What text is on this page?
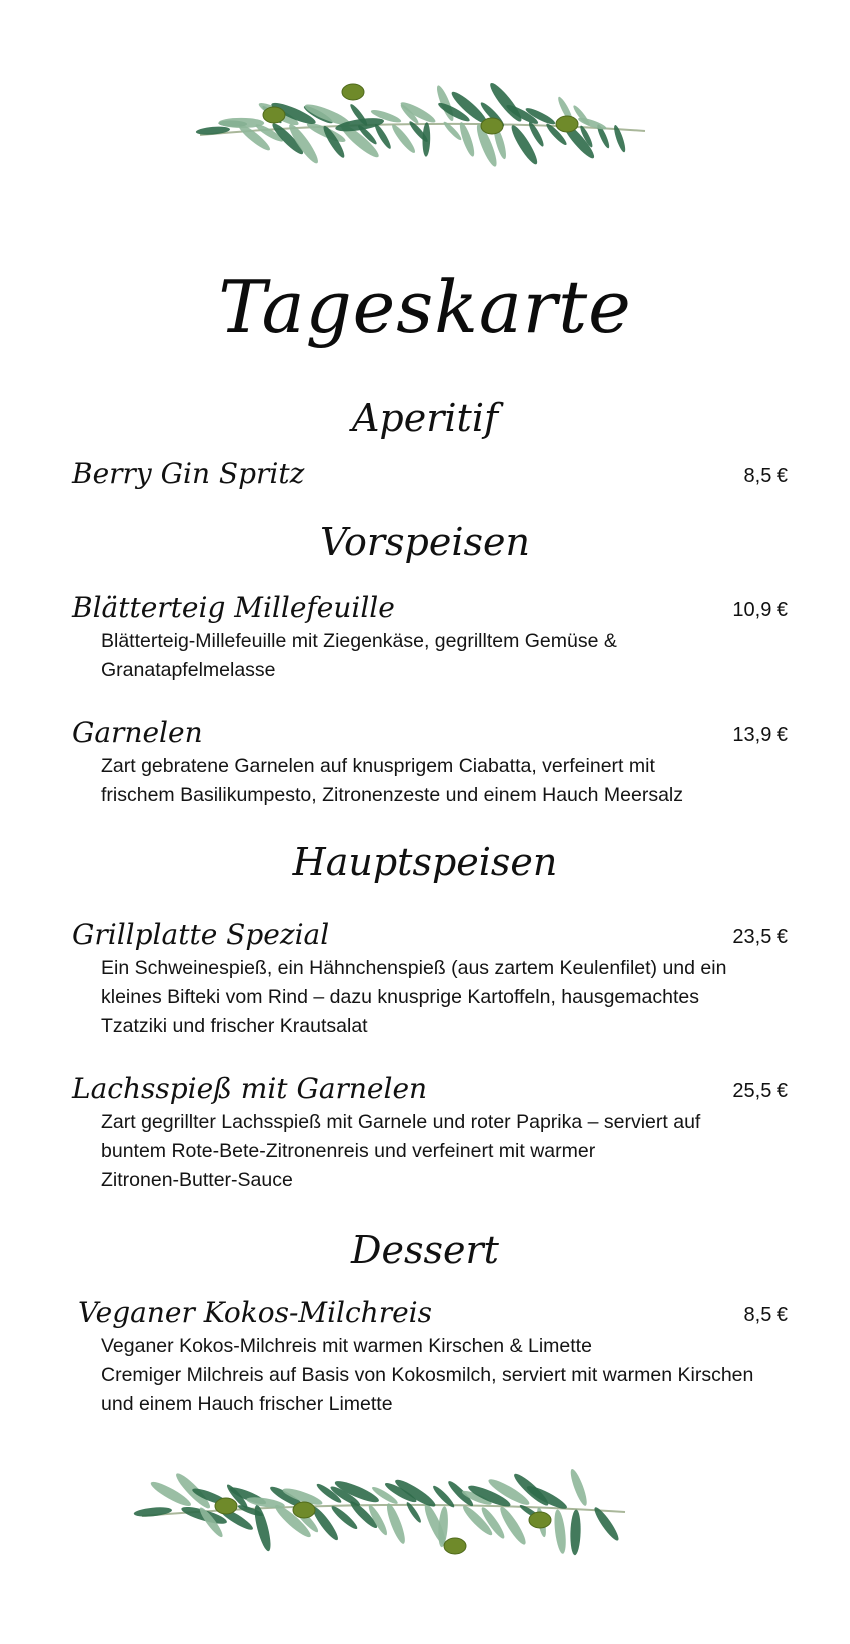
Tageskarte
Aperitif
Berry Gin Spritz	8,5 €
Vorspeisen
Blätterteig Millefeuille	10,9 €
Blätterteig-Millefeuille mit Ziegenkäse, gegrilltem Gemüse &
Granatapfelmelasse
Garnelen	13,9 €
Zart gebratene Garnelen auf knusprigem Ciabatta, verfeinert mit
frischem Basilikumpesto, Zitronenzeste und einem Hauch Meersalz
Hauptspeisen
Grillplatte Spezial	23,5 €
Ein Schweinespieß, ein Hähnchenspieß (aus zartem Keulenfilet) und ein
kleines Bifteki vom Rind – dazu knusprige Kartoffeln, hausgemachtes
Tzatziki und frischer Krautsalat
Lachsspieß mit Garnelen	25,5 €
Zart gegrillter Lachsspieß mit Garnele und roter Paprika – serviert auf
buntem Rote-Bete-Zitronenreis und verfeinert mit warmer
Zitronen-Butter-Sauce
Dessert
Veganer Kokos-Milchreis	8,5 €
Veganer Kokos-Milchreis mit warmen Kirschen & Limette
Cremiger Milchreis auf Basis von Kokosmilch, serviert mit warmen Kirschen
und einem Hauch frischer Limette
